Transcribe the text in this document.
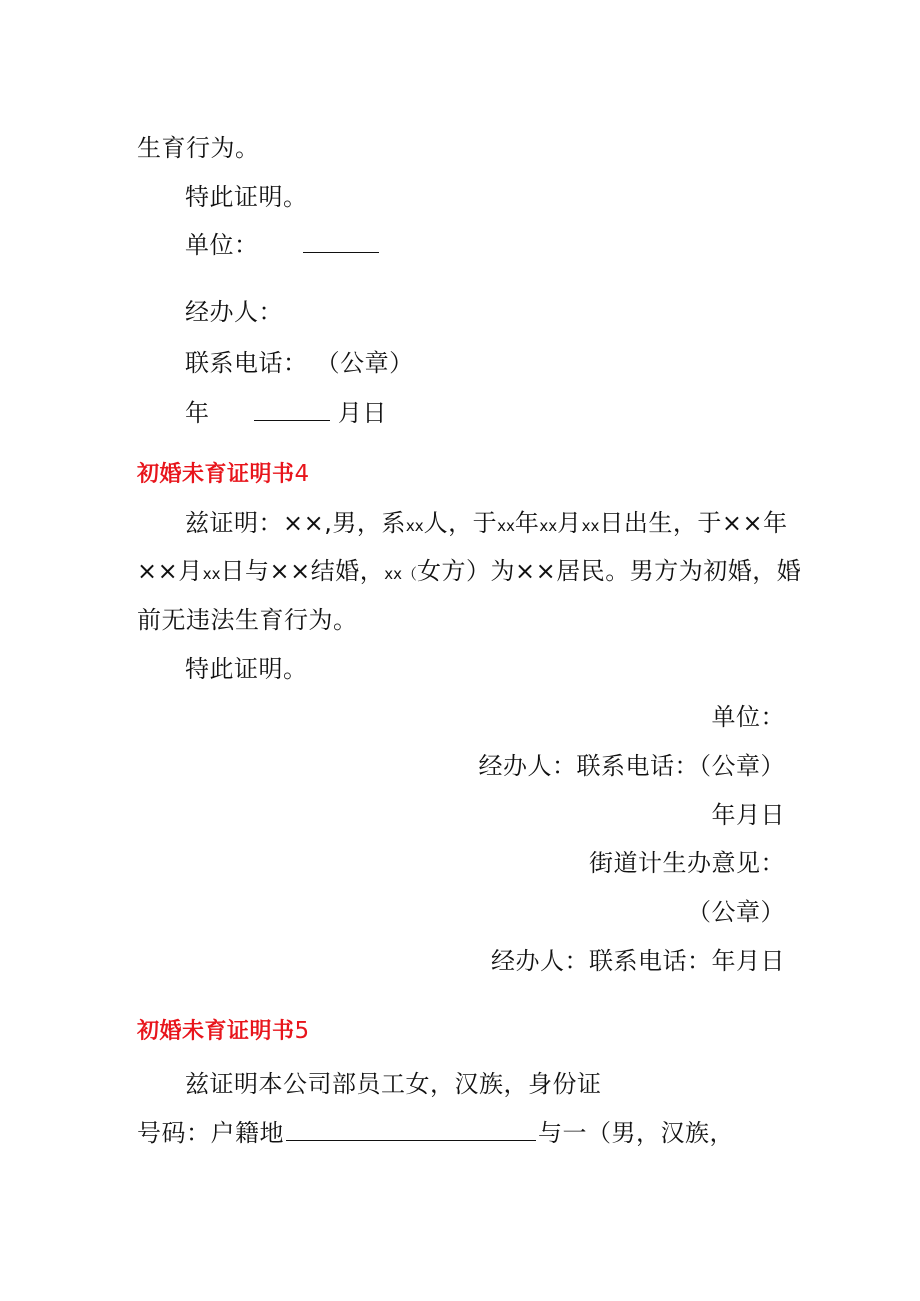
生育行为。
特此证明。
单位：
经办人：
联系电话： （公章）
年	月日
初婚未育证明书4
兹证明：××,男，系xx人，于xx年xx月xx日出生，于××年
××月xx日与××结婚，xx（女方）为××居民。男方为初婚，婚
前无违法生育行为。
特此证明。
单位：
经办人：联系电话：（公章）
年月日
街道计生办意见：
（公章）
经办人：联系电话：年月日
初婚未育证明书5
兹证明本公司部员工女，汉族，身份证
号码：户籍地	与一（男，汉族，
